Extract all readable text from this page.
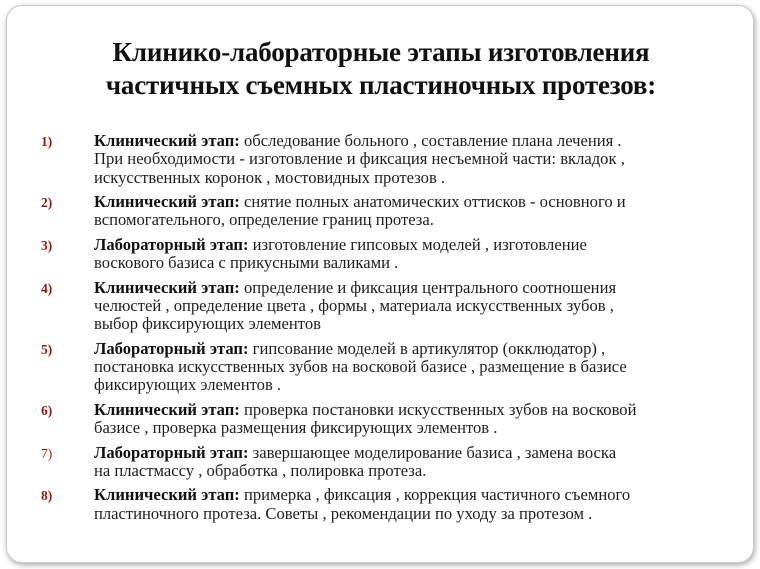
Клинико-лабораторные этапы изготовления
частичных съемных пластиночных протезов:
1)	Клинический этап: обследование больного , составление плана лечения .
При необходимости - изготовление и фиксация несъемной части: вкладок ,
искусственных коронок , мостовидных протезов .
2)	Клинический этап: снятие полных анатомических оттисков - основного и
вспомогательного, определение границ протеза.
3)	Лабораторный этап: изготовление гипсовых моделей , изготовление
воскового базиса с прикусными валиками .
4)	Клинический этап: определение и фиксация центрального соотношения
челюстей , определение цвета , формы , материала искусственных зубов ,
выбор фиксирующих элементов
5)	Лабораторный этап: гипсование моделей в артикулятор (окклюдатор) ,
постановка искусственных зубов на восковой базисе , размещение в базисе
фиксирующих элементов .
6)	Клинический этап: проверка постановки искусственных зубов на восковой
базисе , проверка размещения фиксирующих элементов .
7)	Лабораторный этап: завершающее моделирование базиса , замена воска
на пластмассу , обработка , полировка протеза.
8)	Клинический этап: примерка , фиксация , коррекция частичного съемного
пластиночного протеза. Советы , рекомендации по уходу за протезом .
